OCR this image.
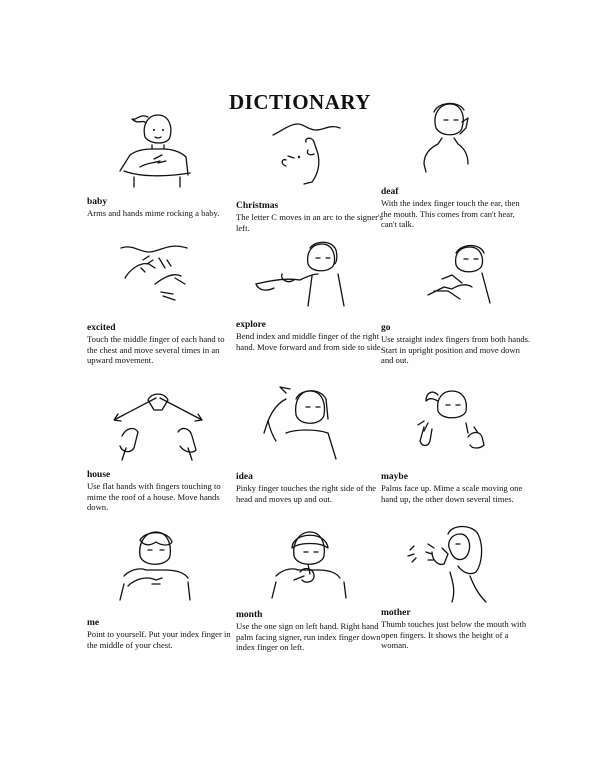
DICTIONARY
baby
Arms and hands mime rocking a baby.
Christmas
The letter C moves in an arc to the signer's left.
deaf
With the index finger touch the ear, then the mouth. This comes from can't hear, can't talk.
excited
Touch the middle finger of each hand to the chest and move several times in an upward movement.
explore
Bend index and middle finger of the right hand. Move forward and from side to side.
go
Use straight index fingers from both hands. Start in upright position and move down and out.
house
Use flat hands with fingers touching to mime the roof of a house. Move hands down.
idea
Pinky finger touches the right side of the head and moves up and out.
maybe
Palms face up. Mime a scale moving one hand up, the other down several times.
me
Point to yourself. Put your index finger in the middle of your chest.
month
Use the one sign on left hand. Right hand palm facing signer, run index finger down index finger on left.
mother
Thumb touches just below the mouth with open fingers. It shows the height of a woman.
